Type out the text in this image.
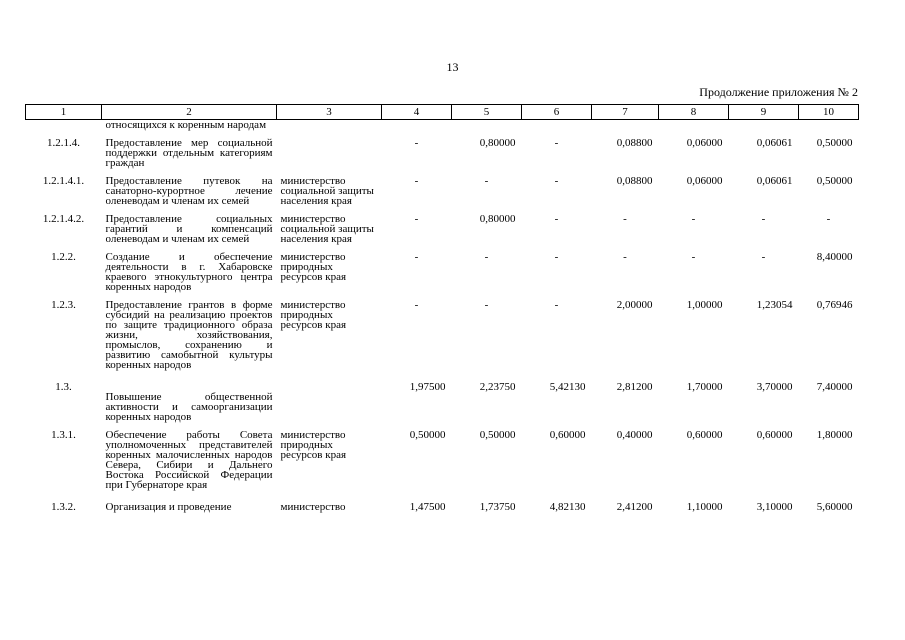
13
Продолжение приложения № 2
1	2	3	4	5	6	7	8	9	10
	относящихся к коренным народам								
1.2.1.4.	Предоставление мер социальной поддержки отдельным категориям граждан		-	0,80000	-	0,08800	0,06000	0,06061	0,50000
1.2.1.4.1.	Предоставление путевок на санаторно-курортное лечение оленеводам и членам их семей	министерство социальной защиты населения края	-	-	-	0,08800	0,06000	0,06061	0,50000
1.2.1.4.2.	Предоставление социальных гарантий и компенсаций оленеводам и членам их семей	министерство социальной защиты населения края	-	0,80000	-	-	-	-	-
1.2.2.	Создание и обеспечение деятельности в г. Хабаровске краевого этнокультурного центра коренных народов	министерство природных ресурсов края	-	-	-	-	-	-	8,40000
1.2.3.	Предоставление грантов в форме субсидий на реализацию проектов по защите традиционного образа жизни, хозяйствования, промыслов, сохранению и развитию самобытной культуры коренных народов	министерство природных ресурсов края	-	-	-	2,00000	1,00000	1,23054	0,76946
1.3.	Повышение общественной активности и самоорганизации коренных народов		1,97500	2,23750	5,42130	2,81200	1,70000	3,70000	7,40000
1.3.1.	Обеспечение работы Совета уполномоченных представителей коренных малочисленных народов Севера, Сибири и Дальнего Востока Российской Федерации при Губернаторе края	министерство природных ресурсов края	0,50000	0,50000	0,60000	0,40000	0,60000	0,60000	1,80000
1.3.2.	Организация и проведение	министерство	1,47500	1,73750	4,82130	2,41200	1,10000	3,10000	5,60000
